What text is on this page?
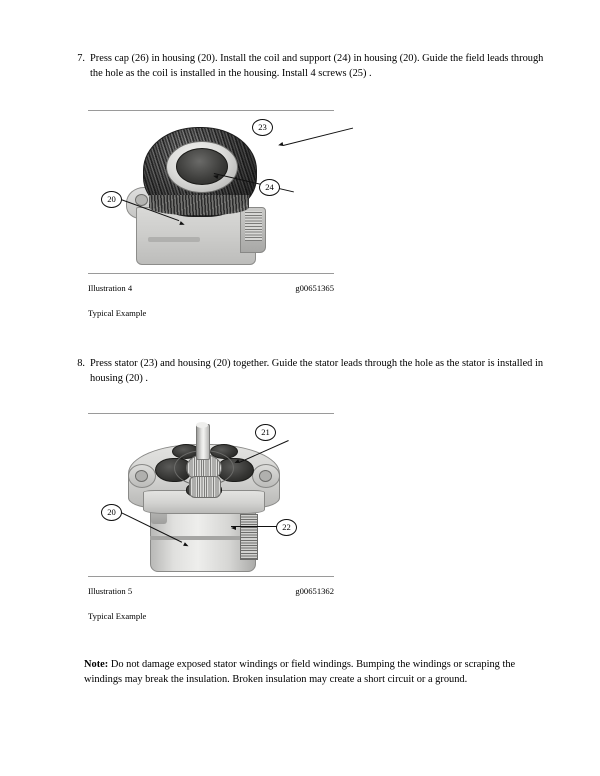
7. Press cap (26) in housing (20). Install the coil and support (24) in housing (20). Guide the field leads through the hole as the coil is installed in the housing. Install 4 screws (25) .
23
24
20
Illustration 4	g00651365
Typical Example
8. Press stator (23) and housing (20) together. Guide the stator leads through the hole as the stator is installed in housing (20) .
21
22
20
Illustration 5	g00651362
Typical Example
Note: Do not damage exposed stator windings or field windings. Bumping the windings or scraping the windings may break the insulation. Broken insulation may create a short circuit or a ground.
